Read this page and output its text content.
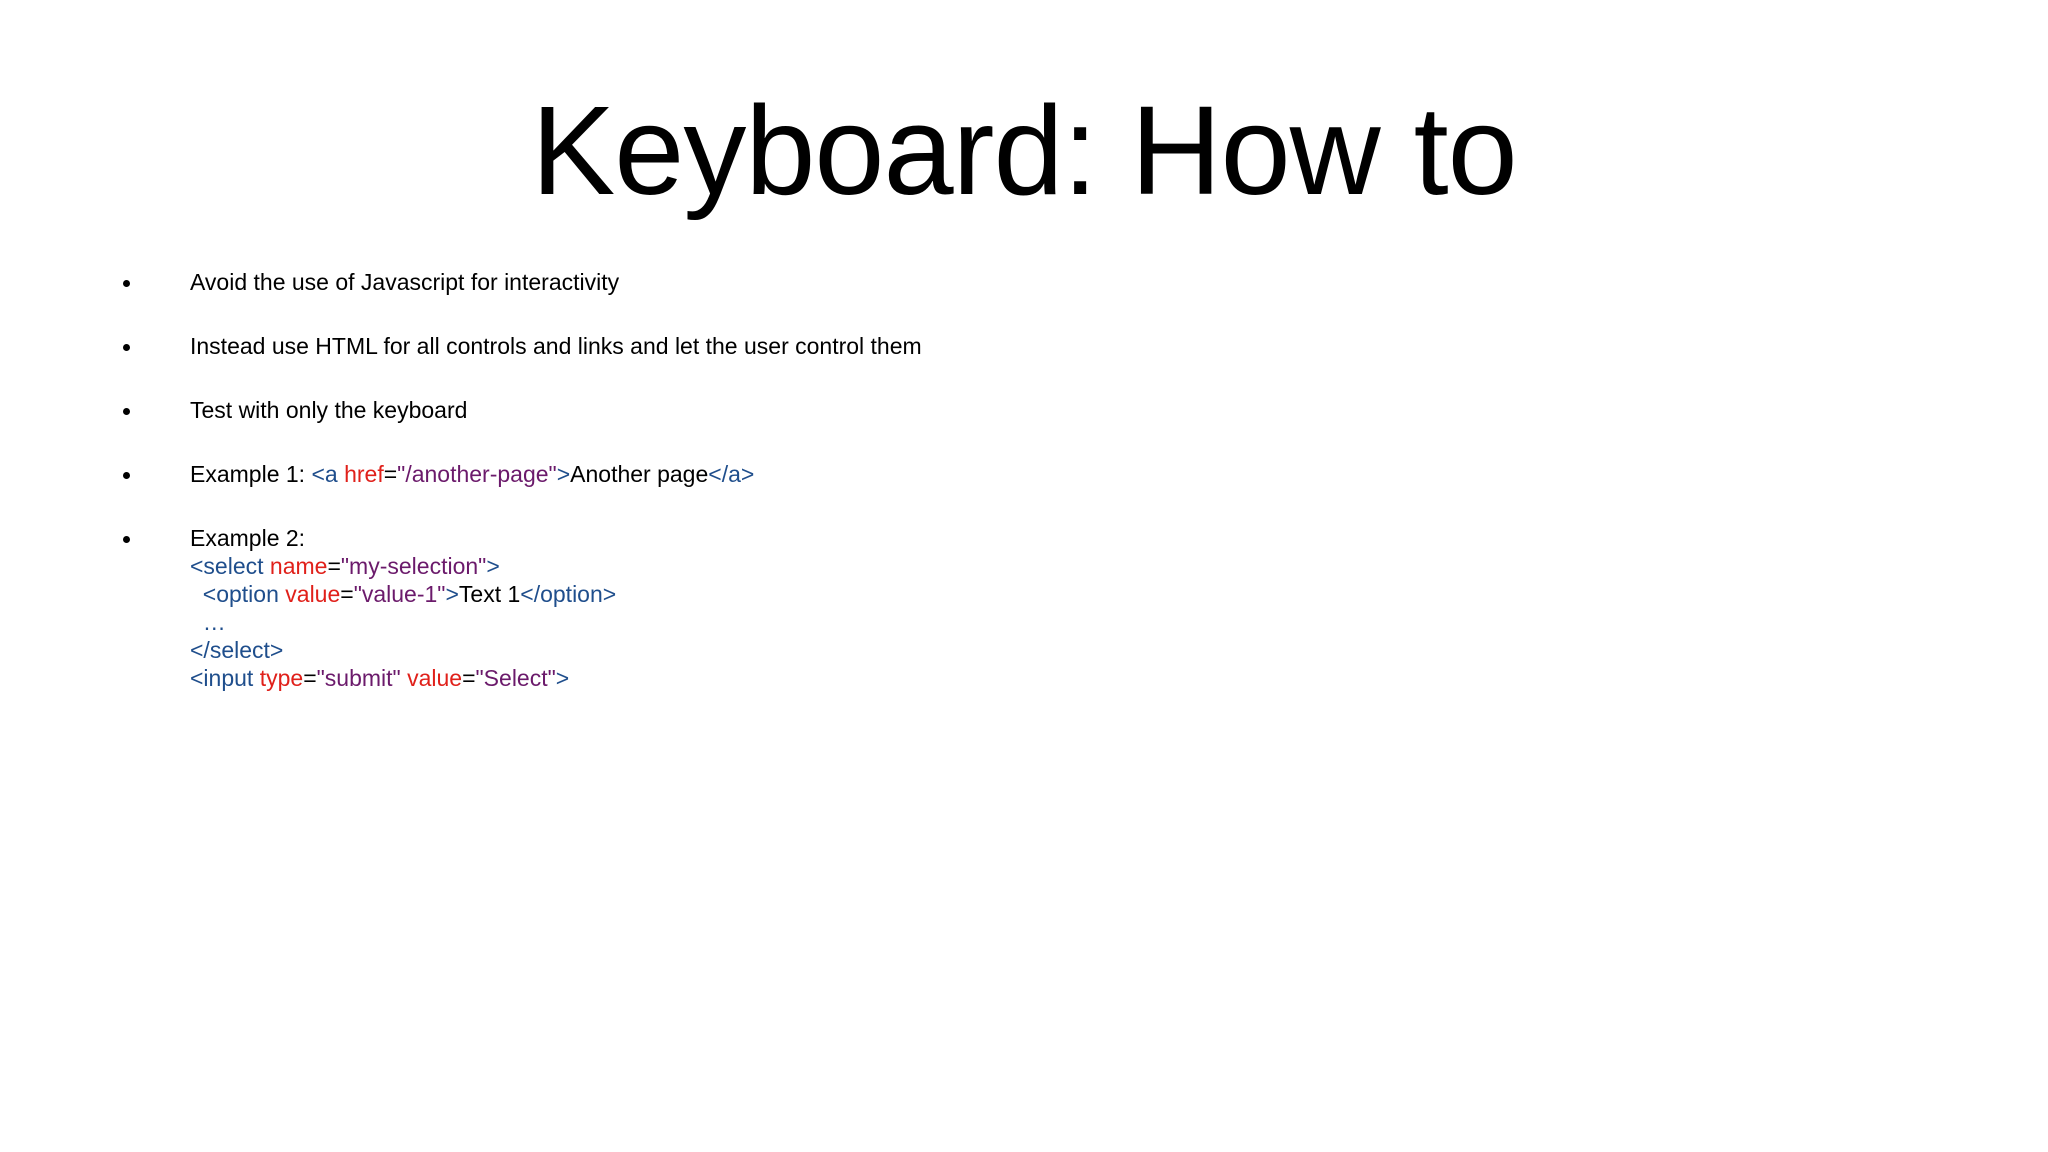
Keyboard: How to
Avoid the use of Javascript for interactivity
Instead use HTML for all controls and links and let the user control them
Test with only the keyboard
Example 1: <a href="/another-page">Another page</a>
Example 2:
<select name="my-selection">
<option value="value-1">Text 1</option>
…
</select>
<input type="submit" value="Select">
